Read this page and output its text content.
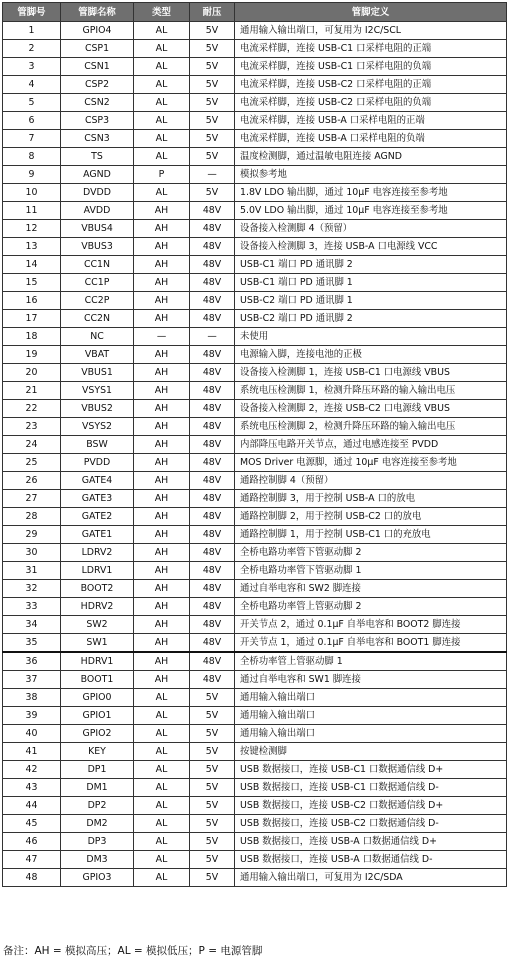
管脚号	管脚名称	类型	耐压	管脚定义
1	GPIO4	AL	5V	通用输入输出端口，可复用为 I2C/SCL
2	CSP1	AL	5V	电流采样脚，连接 USB-C1 口采样电阻的正端
3	CSN1	AL	5V	电流采样脚，连接 USB-C1 口采样电阻的负端
4	CSP2	AL	5V	电流采样脚，连接 USB-C2 口采样电阻的正端
5	CSN2	AL	5V	电流采样脚，连接 USB-C2 口采样电阻的负端
6	CSP3	AL	5V	电流采样脚，连接 USB-A 口采样电阻的正端
7	CSN3	AL	5V	电流采样脚，连接 USB-A 口采样电阻的负端
8	TS	AL	5V	温度检测脚，通过温敏电阻连接 AGND
9	AGND	P	—	模拟参考地
10	DVDD	AL	5V	1.8V LDO 输出脚，通过 10μF 电容连接至参考地
11	AVDD	AH	48V	5.0V LDO 输出脚，通过 10μF 电容连接至参考地
12	VBUS4	AH	48V	设备接入检测脚 4（预留）
13	VBUS3	AH	48V	设备接入检测脚 3，连接 USB-A 口电源线 VCC
14	CC1N	AH	48V	USB-C1 端口 PD 通讯脚 2
15	CC1P	AH	48V	USB-C1 端口 PD 通讯脚 1
16	CC2P	AH	48V	USB-C2 端口 PD 通讯脚 1
17	CC2N	AH	48V	USB-C2 端口 PD 通讯脚 2
18	NC	—	—	未使用
19	VBAT	AH	48V	电源输入脚，连接电池的正极
20	VBUS1	AH	48V	设备接入检测脚 1，连接 USB-C1 口电源线 VBUS
21	VSYS1	AH	48V	系统电压检测脚 1，检测升降压环路的输入输出电压
22	VBUS2	AH	48V	设备接入检测脚 2，连接 USB-C2 口电源线 VBUS
23	VSYS2	AH	48V	系统电压检测脚 2，检测升降压环路的输入输出电压
24	BSW	AH	48V	内部降压电路开关节点，通过电感连接至 PVDD
25	PVDD	AH	48V	MOS Driver 电源脚，通过 10μF 电容连接至参考地
26	GATE4	AH	48V	通路控制脚 4（预留）
27	GATE3	AH	48V	通路控制脚 3，用于控制 USB-A 口的放电
28	GATE2	AH	48V	通路控制脚 2，用于控制 USB-C2 口的放电
29	GATE1	AH	48V	通路控制脚 1，用于控制 USB-C1 口的充放电
30	LDRV2	AH	48V	全桥电路功率管下管驱动脚 2
31	LDRV1	AH	48V	全桥电路功率管下管驱动脚 1
32	BOOT2	AH	48V	通过自举电容和 SW2 脚连接
33	HDRV2	AH	48V	全桥电路功率管上管驱动脚 2
34	SW2	AH	48V	开关节点 2，通过 0.1μF 自举电容和 BOOT2 脚连接
35	SW1	AH	48V	开关节点 1，通过 0.1μF 自举电容和 BOOT1 脚连接
36	HDRV1	AH	48V	全桥功率管上管驱动脚 1
37	BOOT1	AH	48V	通过自举电容和 SW1 脚连接
38	GPIO0	AL	5V	通用输入输出端口
39	GPIO1	AL	5V	通用输入输出端口
40	GPIO2	AL	5V	通用输入输出端口
41	KEY	AL	5V	按键检测脚
42	DP1	AL	5V	USB 数据接口，连接 USB-C1 口数据通信线 D+
43	DM1	AL	5V	USB 数据接口，连接 USB-C1 口数据通信线 D-
44	DP2	AL	5V	USB 数据接口，连接 USB-C2 口数据通信线 D+
45	DM2	AL	5V	USB 数据接口，连接 USB-C2 口数据通信线 D-
46	DP3	AL	5V	USB 数据接口，连接 USB-A 口数据通信线 D+
47	DM3	AL	5V	USB 数据接口，连接 USB-A 口数据通信线 D-
48	GPIO3	AL	5V	通用输入输出端口，可复用为 I2C/SDA
备注：AH = 模拟高压；AL = 模拟低压；P = 电源管脚
